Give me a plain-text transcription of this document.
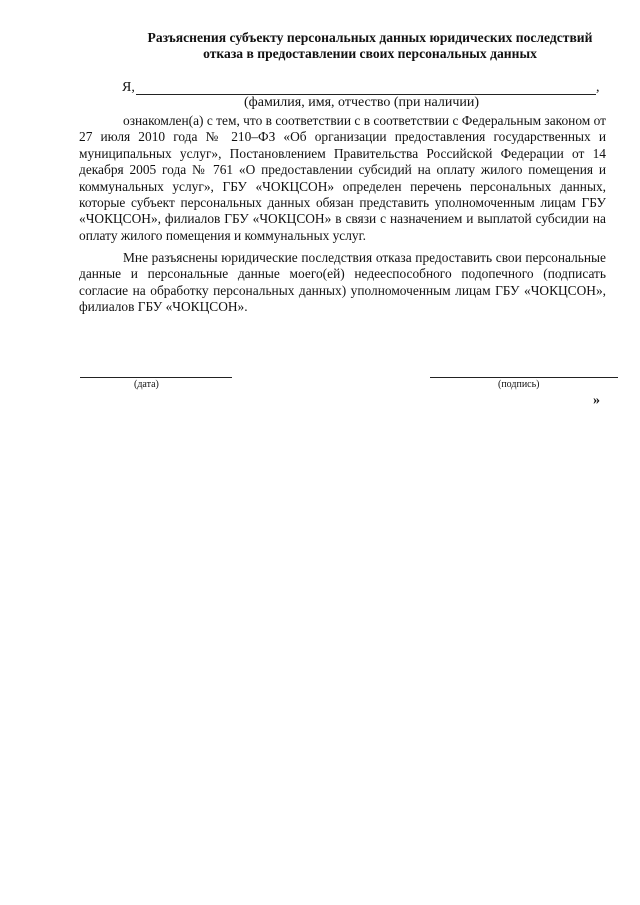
Разъяснения субъекту персональных данных юридических последствий
отказа в предоставлении своих персональных данных
Я,	,
(фамилия, имя, отчество (при наличии)

ознакомлен(а) с тем, что в соответствии с в соответствии с Федеральным законом от 27 июля 2010 года № 210–ФЗ «Об организации предоставления государственных и муниципальных услуг», Постановлением Правительства Российской Федерации от 14 декабря 2005 года № 761 «О предоставлении субсидий на оплату жилого помещения и коммунальных услуг», ГБУ «ЧОКЦСОН» определен перечень персональных данных, которые субъект персональных данных обязан представить уполномоченным лицам ГБУ «ЧОКЦСОН», филиалов ГБУ «ЧОКЦСОН» в связи с назначением и выплатой субсидии на оплату жилого помещения и коммунальных услуг.

Мне разъяснены юридические последствия отказа предоставить свои персональные данные и персональные данные моего(ей) недееспособного подопечного (подписать согласие на обработку персональных данных) уполномоченным лицам ГБУ «ЧОКЦСОН», филиалов ГБУ «ЧОКЦСОН».

(дата)	(подпись)
»
